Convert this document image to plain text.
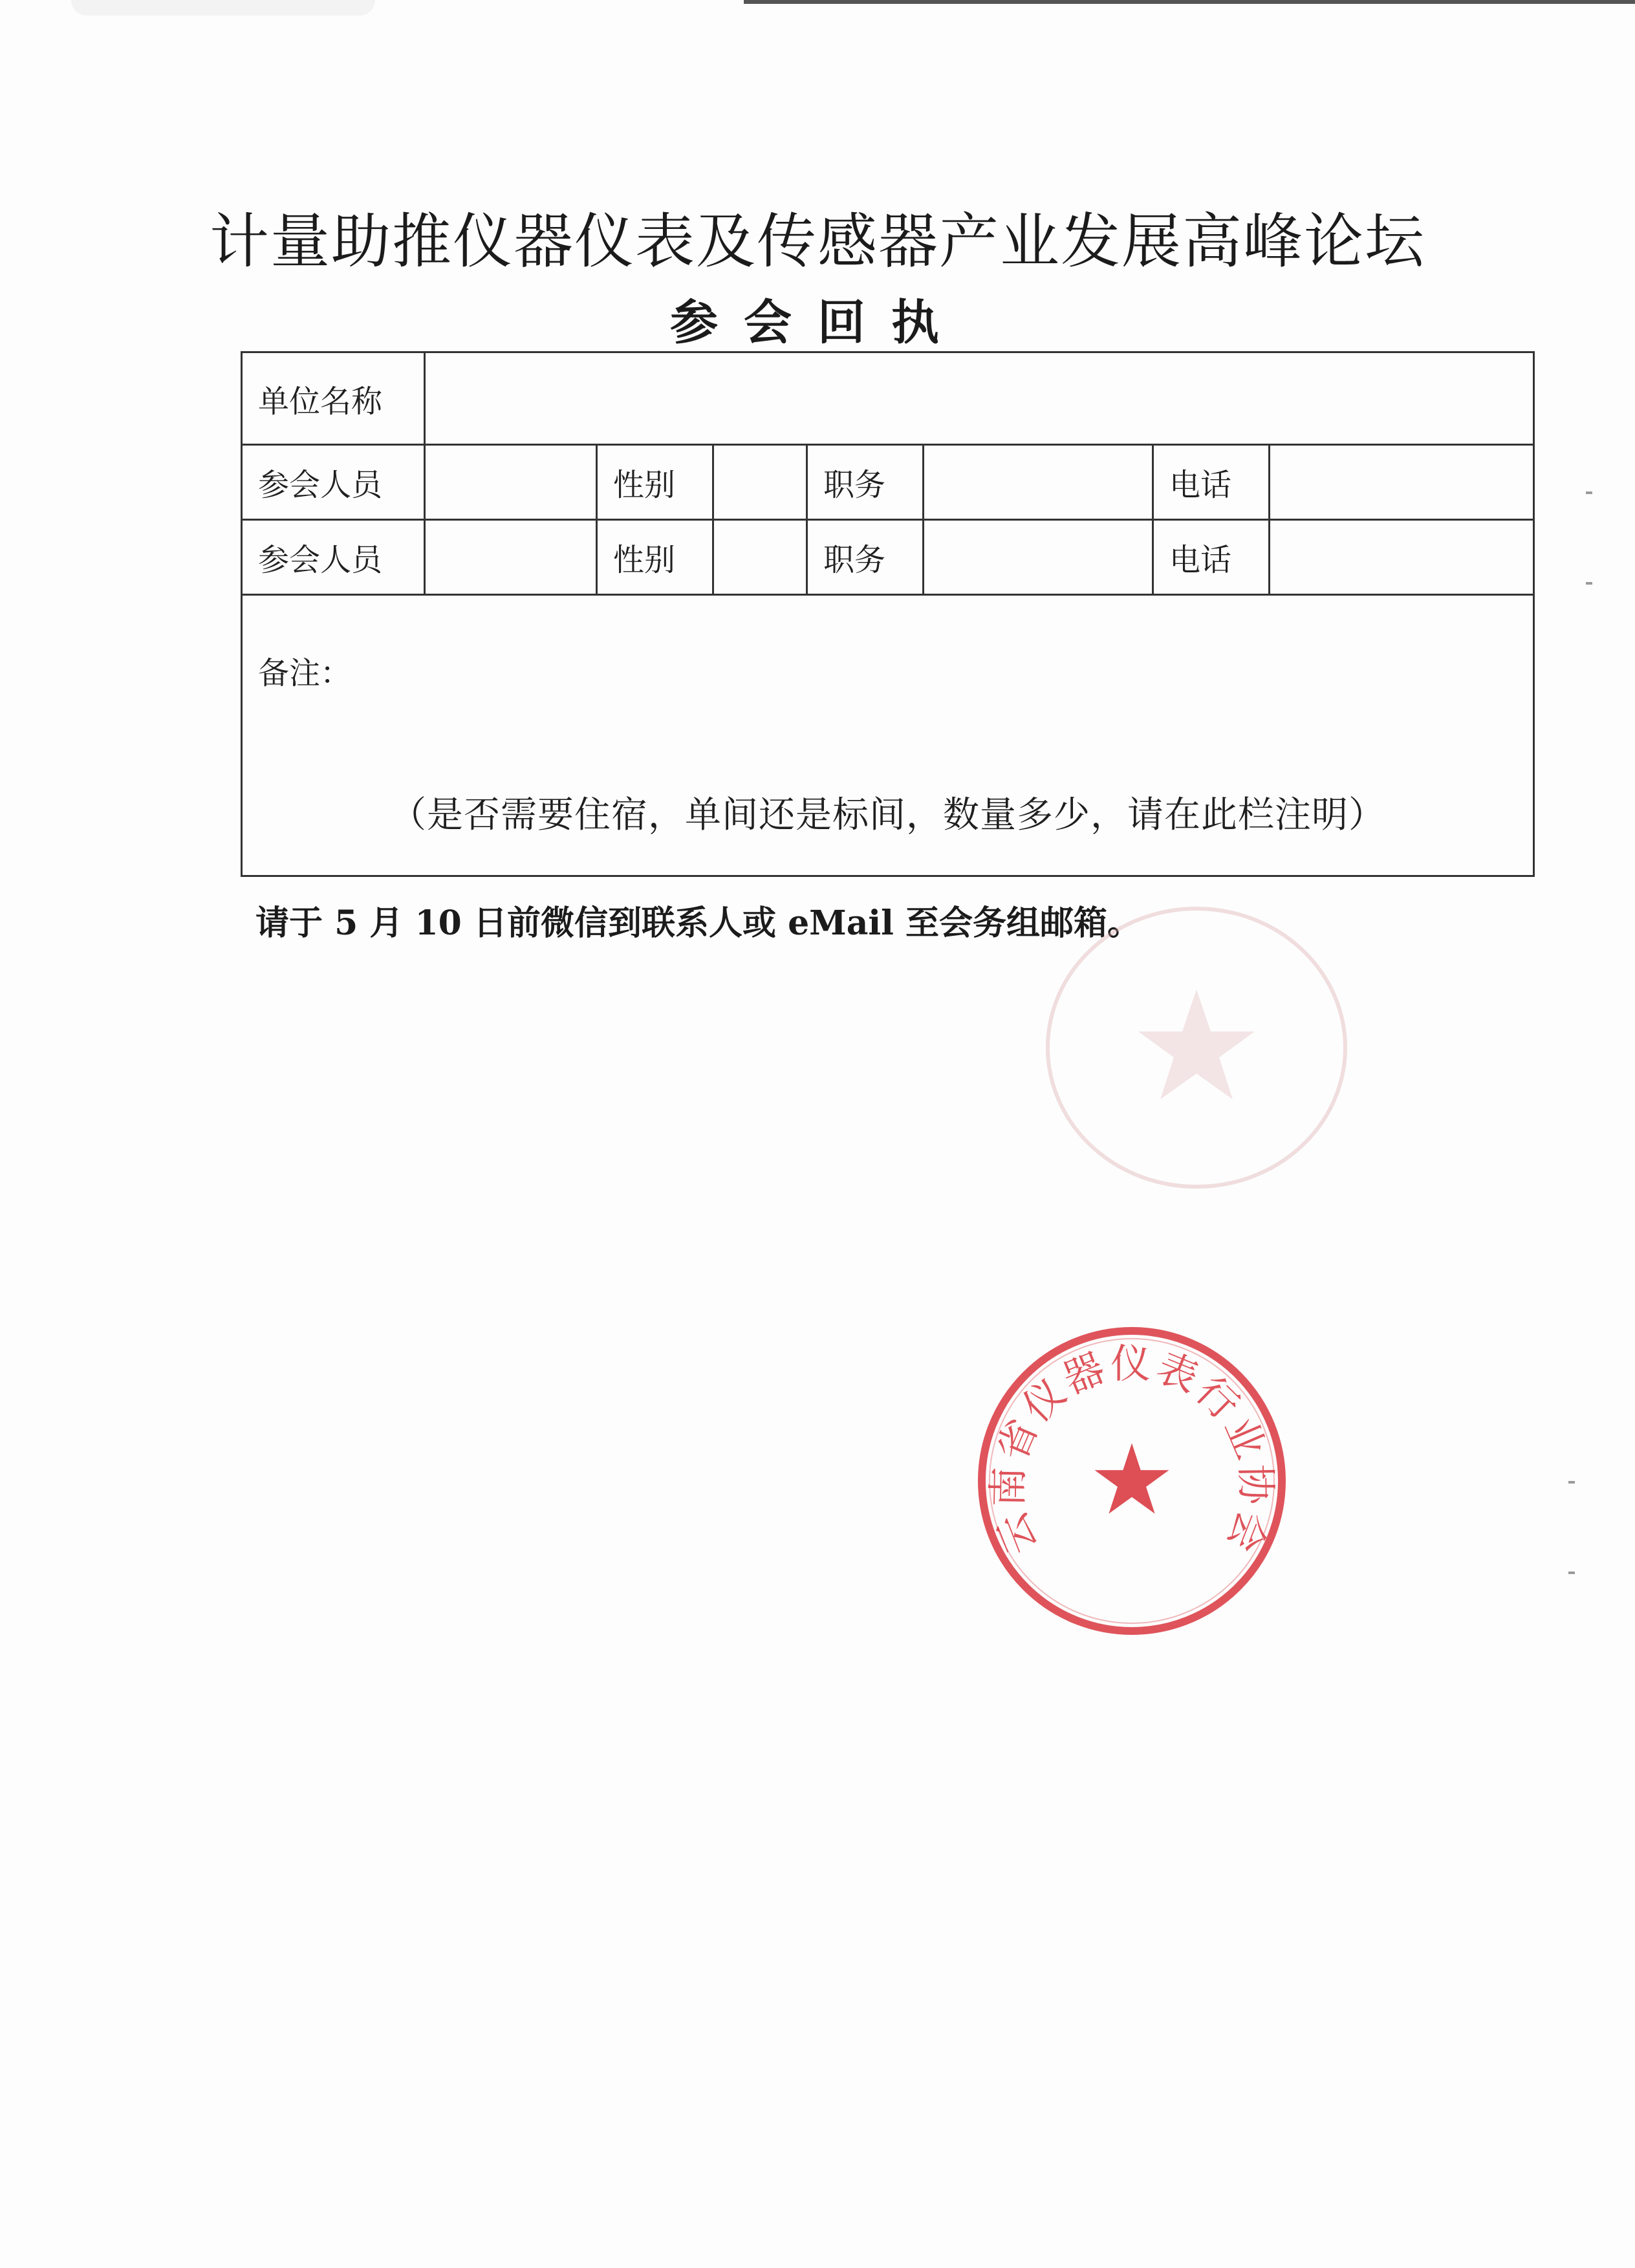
计量助推仪器仪表及传感器产业发展高峰论坛
参会回执
单位名称							
参会人员		性别		职务		电话	
参会人员		性别		职务		电话	

备注：
（是否需要住宿，单间还是标间，数量多少，请在此栏注明）							
请于 5 月 10 日前微信到联系人或 eMail 至会务组邮箱。
云南省仪器仪表行业协会
★
